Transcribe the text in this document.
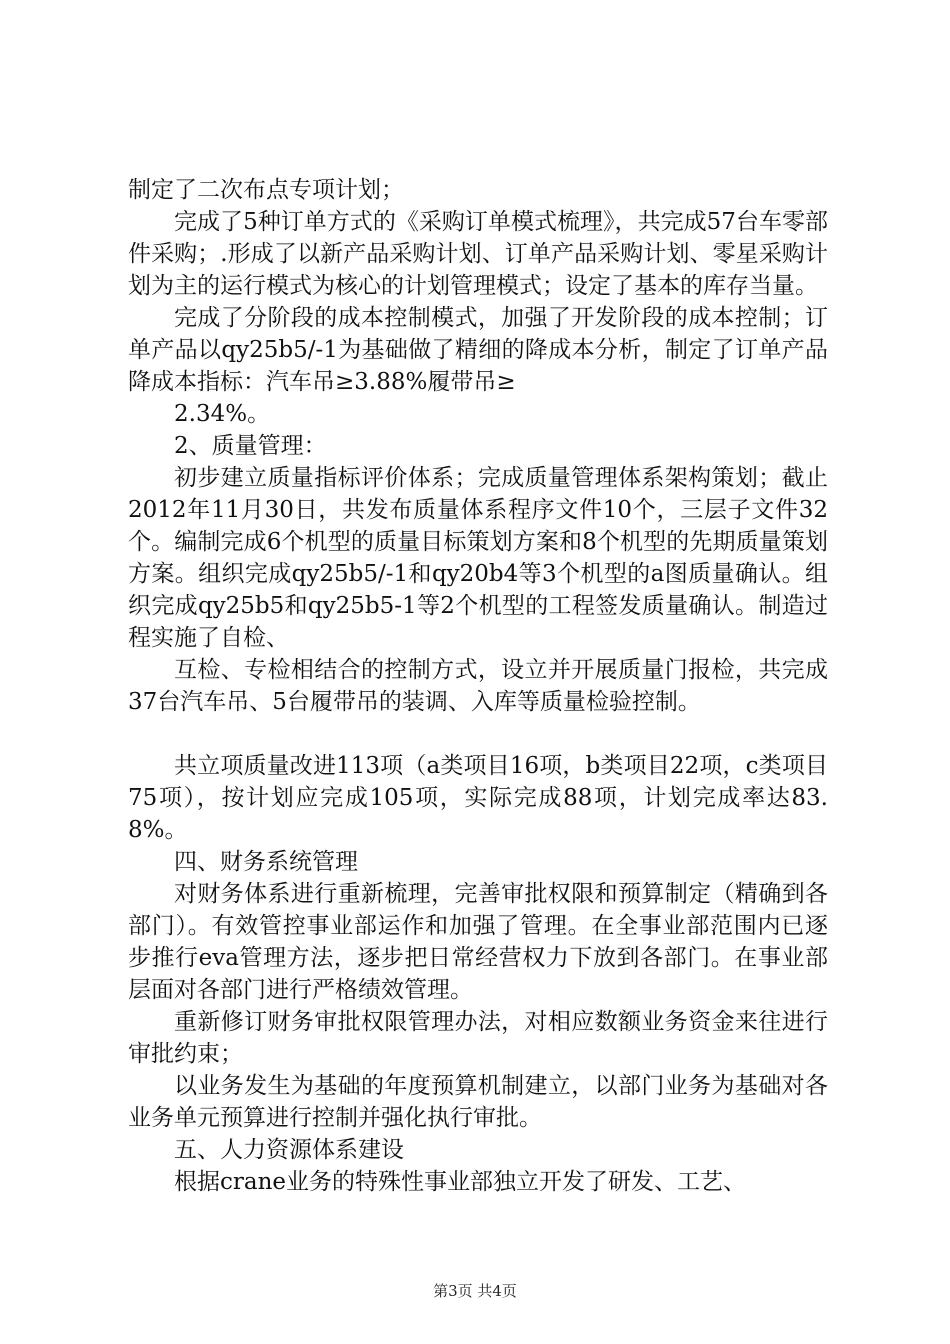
制定了二次布点专项计划；

完成了5种订单方式的《采购订单模式梳理》，共完成57台车零部件采购；.形成了以新产品采购计划、订单产品采购计划、零星采购计划为主的运行模式为核心的计划管理模式；设定了基本的库存当量。

完成了分阶段的成本控制模式，加强了开发阶段的成本控制；订单产品以qy25b5/-1为基础做了精细的降成本分析，制定了订单产品降成本指标：汽车吊≥3.88%履带吊≥

2.34%。

2、质量管理：

初步建立质量指标评价体系；完成质量管理体系架构策划；截止2012年11月30日，共发布质量体系程序文件10个，三层子文件32个。编制完成6个机型的质量目标策划方案和8个机型的先期质量策划方案。组织完成qy25b5/-1和qy20b4等3个机型的a图质量确认。组织完成qy25b5和qy25b5-1等2个机型的工程签发质量确认。制造过程实施了自检、

互检、专检相结合的控制方式，设立并开展质量门报检，共完成37台汽车吊、5台履带吊的装调、入库等质量检验控制。

共立项质量改进113项（a类项目16项，b类项目22项，c类项目75项），按计划应完成105项，实际完成88项，计划完成率达83.8%。

四、财务系统管理

对财务体系进行重新梳理，完善审批权限和预算制定（精确到各部门）。有效管控事业部运作和加强了管理。在全事业部范围内已逐步推行eva管理方法，逐步把日常经营权力下放到各部门。在事业部层面对各部门进行严格绩效管理。

重新修订财务审批权限管理办法，对相应数额业务资金来往进行审批约束；

以业务发生为基础的年度预算机制建立，以部门业务为基础对各业务单元预算进行控制并强化执行审批。

五、人力资源体系建设

根据crane业务的特殊性事业部独立开发了研发、工艺、

第3页 共4页
